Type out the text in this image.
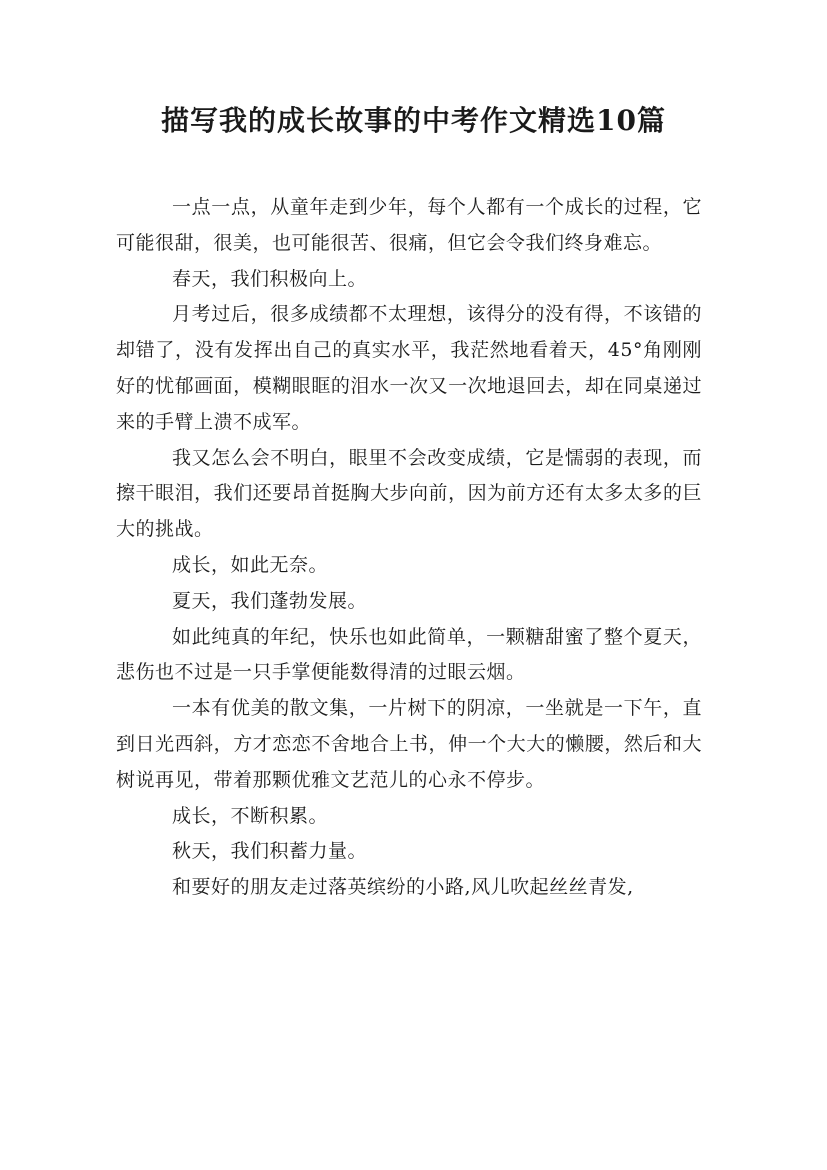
描写我的成长故事的中考作文精选10篇

一点一点，从童年走到少年，每个人都有一个成长的过程，它可能很甜，很美，也可能很苦、很痛，但它会令我们终身难忘。

春天，我们积极向上。

月考过后，很多成绩都不太理想，该得分的没有得，不该错的却错了，没有发挥出自己的真实水平，我茫然地看着天，45°角刚刚好的忧郁画面，模糊眼眶的泪水一次又一次地退回去，却在同桌递过来的手臂上溃不成军。

我又怎么会不明白，眼里不会改变成绩，它是懦弱的表现，而擦干眼泪，我们还要昂首挺胸大步向前，因为前方还有太多太多的巨大的挑战。

成长，如此无奈。

夏天，我们蓬勃发展。

如此纯真的年纪，快乐也如此简单，一颗糖甜蜜了整个夏天，悲伤也不过是一只手掌便能数得清的过眼云烟。

一本有优美的散文集，一片树下的阴凉，一坐就是一下午，直到日光西斜，方才恋恋不舍地合上书，伸一个大大的懒腰，然后和大树说再见，带着那颗优雅文艺范儿的心永不停步。

成长，不断积累。

秋天，我们积蓄力量。

和要好的朋友走过落英缤纷的小路,风儿吹起丝丝青发,
